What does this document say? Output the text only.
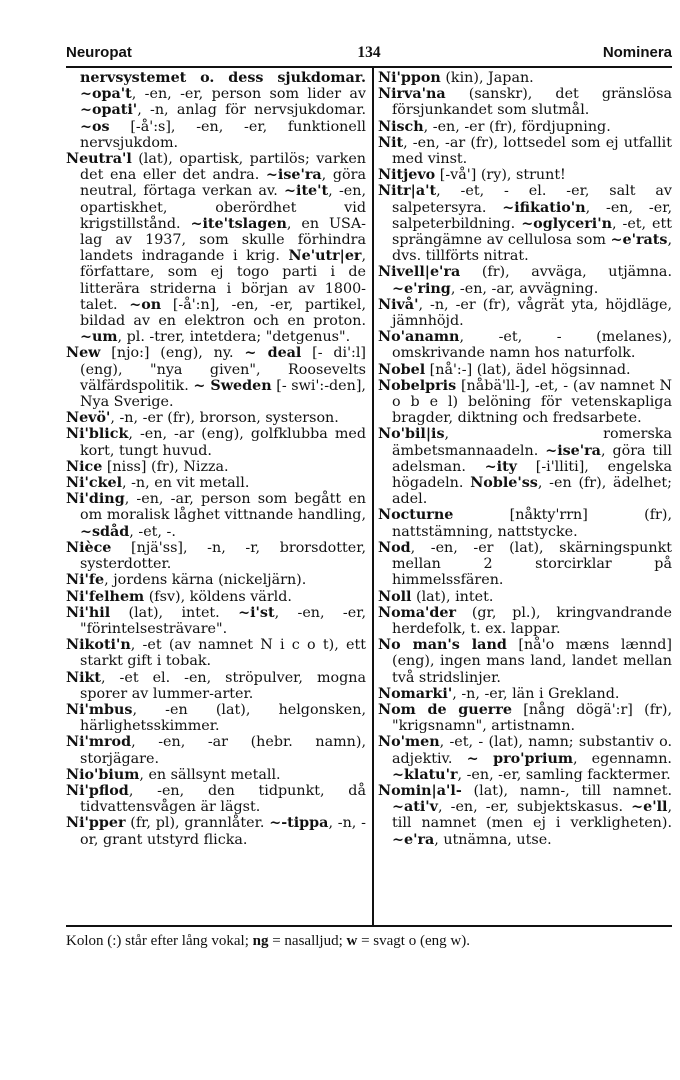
Neuropat	134	Nominera

nervsystemet o. dess sjukdomar. ~opa't, -en, -er, person som lider av ~opati', -n, anlag för nervsjukdomar. ~os [-å':s], -en, -er, funktionell nervsjukdom.

Neutra'l (lat), opartisk, partilös; varken det ena eller det andra. ~ise'ra, göra neutral, förtaga verkan av. ~ite't, -en, opartiskhet, oberördhet vid krigstillstånd. ~ite'tslagen, en USA-lag av 1937, som skulle förhindra landets indragande i krig. Ne'utr|er, författare, som ej togo parti i de litterära striderna i början av 1800-talet. ~on [-å':n], -en, -er, partikel, bildad av en elektron och en proton. ~um, pl. -trer, intetdera; "detgenus".

New [njo:] (eng), ny. ~ deal [- di':l] (eng), "nya given", Roosevelts välfärdspolitik. ~ Sweden [- swi':-den], Nya Sverige.

Nevö', -n, -er (fr), brorson, systerson.

Ni'blick, -en, -ar (eng), golfklubba med kort, tungt huvud.

Nice [niss] (fr), Nizza.

Ni'ckel, -n, en vit metall.

Ni'ding, -en, -ar, person som begått en om moralisk låghet vittnande handling, ~sdåd, -et, -.

Nièce [njä'ss], -n, -r, brorsdotter, systerdotter.

Ni'fe, jordens kärna (nickeljärn).

Ni'felhem (fsv), köldens värld.

Ni'hil (lat), intet. ~i'st, -en, -er, "förintelsesträvare".

Nikoti'n, -et (av namnet N i c o t), ett starkt gift i tobak.

Nikt, -et el. -en, ströpulver, mogna sporer av lummer-arter.

Ni'mbus, -en (lat), helgonsken, härlighetsskimmer.

Ni'mrod, -en, -ar (hebr. namn), storjägare.

Nio'bium, en sällsynt metall.

Ni'pflod, -en, den tidpunkt, då tidvattensvågen är lägst.

Ni'pper (fr, pl), grannlåter. ~-tippa, -n, -or, grant utstyrd flicka.

Ni'ppon (kin), Japan.

Nirva'na (sanskr), det gränslösa försjunkandet som slutmål.

Nisch, -en, -er (fr), fördjupning.

Nit, -en, -ar (fr), lottsedel som ej utfallit med vinst.

Nitjevo [-vå'] (ry), strunt!

Nitr|a't, -et, - el. -er, salt av salpetersyra. ~ifikatio'n, -en, -er, salpeterbildning. ~oglyceri'n, -et, ett sprängämne av cellulosa som ~e'rats, dvs. tillförts nitrat.

Nivell|e'ra (fr), avväga, utjämna. ~e'ring, -en, -ar, avvägning.

Nivå', -n, -er (fr), vågrät yta, höjdläge, jämnhöjd.

No'anamn, -et, - (melanes), omskrivande namn hos naturfolk.

Nobel [nå':-] (lat), ädel högsinnad.

Nobelpris [nåbä'll-], -et, - (av namnet N o b e l) belöning för vetenskapliga bragder, diktning och fredsarbete.

No'bil|is, romerska ämbetsmannaadeln. ~ise'ra, göra till adelsman. ~ity [-i'lliti], engelska högadeln. Noble'ss, -en (fr), ädelhet; adel.

Nocturne [nåkty'rrn] (fr), nattstämning, nattstycke.

Nod, -en, -er (lat), skärningspunkt mellan 2 storcirklar på himmelssfären.

Noll (lat), intet.

Noma'der (gr, pl.), kringvandrande herdefolk, t. ex. lappar.

No man's land [nå'o mæns lænnd] (eng), ingen mans land, landet mellan två stridslinjer.

Nomarki', -n, -er, län i Grekland.

Nom de guerre [nång dögä':r] (fr), "krigsnamn", artistnamn.

No'men, -et, - (lat), namn; substantiv o. adjektiv. ~ pro'prium, egennamn. ~klatu'r, -en, -er, samling facktermer.

Nomin|a'l- (lat), namn-, till namnet. ~ati'v, -en, -er, subjektskasus. ~e'll, till namnet (men ej i verkligheten). ~e'ra, utnämna, utse.

Kolon (:) står efter lång vokal; ng = nasalljud; w = svagt o (eng w).
